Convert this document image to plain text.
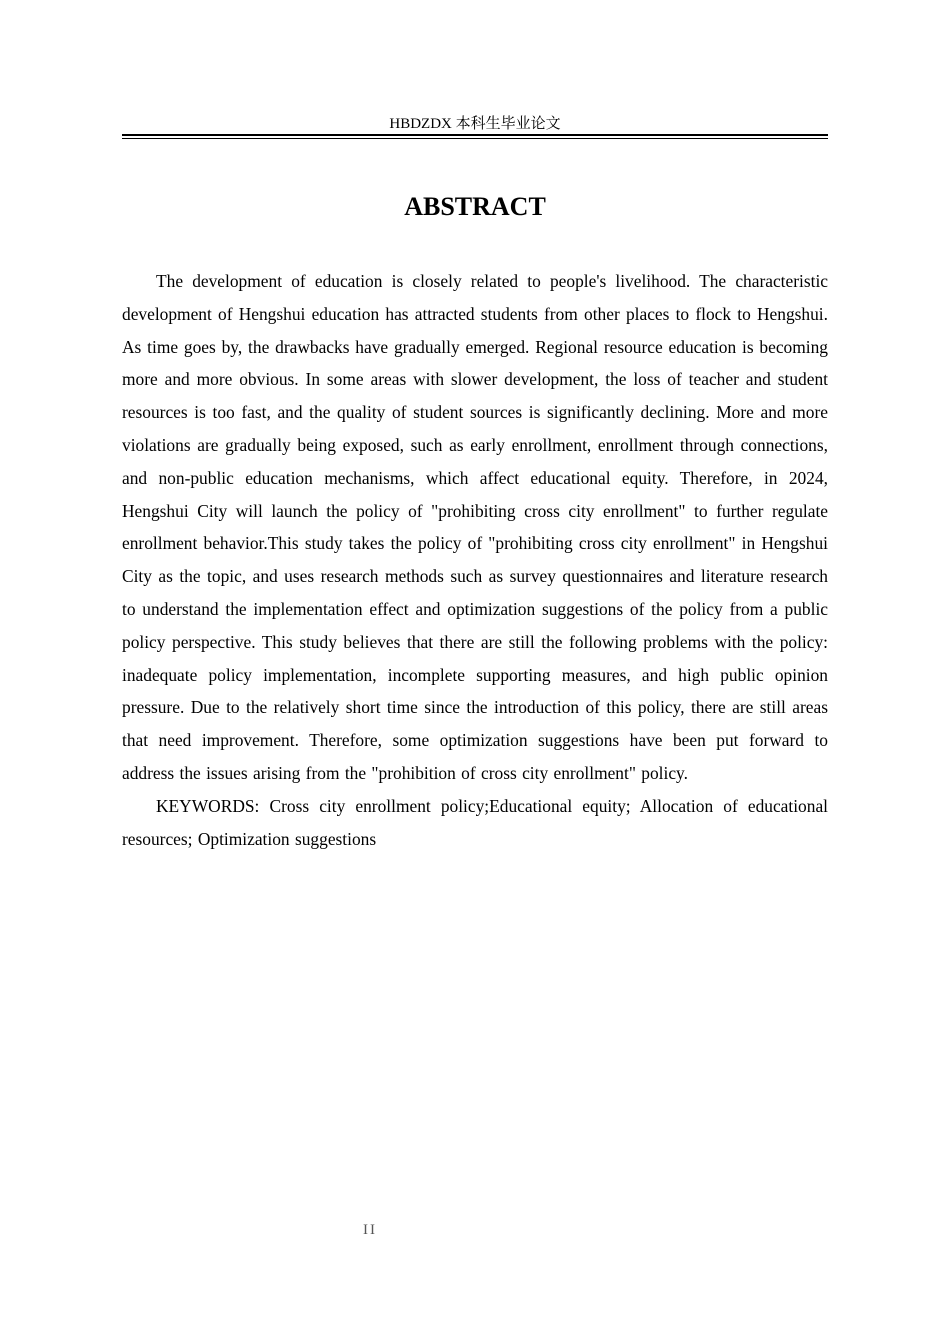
HBDZDX 本科生毕业论文
ABSTRACT

The development of education is closely related to people's livelihood. The characteristic development of Hengshui education has attracted students from other places to flock to Hengshui. As time goes by, the drawbacks have gradually emerged. Regional resource education is becoming more and more obvious. In some areas with slower development, the loss of teacher and student resources is too fast, and the quality of student sources is significantly declining. More and more violations are gradually being exposed, such as early enrollment, enrollment through connections, and non-public education mechanisms, which affect educational equity. Therefore, in 2024, Hengshui City will launch the policy of "prohibiting cross city enrollment" to further regulate enrollment behavior.This study takes the policy of "prohibiting cross city enrollment" in Hengshui City as the topic, and uses research methods such as survey questionnaires and literature research to understand the implementation effect and optimization suggestions of the policy from a public policy perspective. This study believes that there are still the following problems with the policy: inadequate policy implementation, incomplete supporting measures, and high public opinion pressure. Due to the relatively short time since the introduction of this policy, there are still areas that need improvement. Therefore, some optimization suggestions have been put forward to address the issues arising from the "prohibition of cross city enrollment" policy.

KEYWORDS: Cross city enrollment policy;Educational equity; Allocation of educational resources; Optimization suggestions

II
